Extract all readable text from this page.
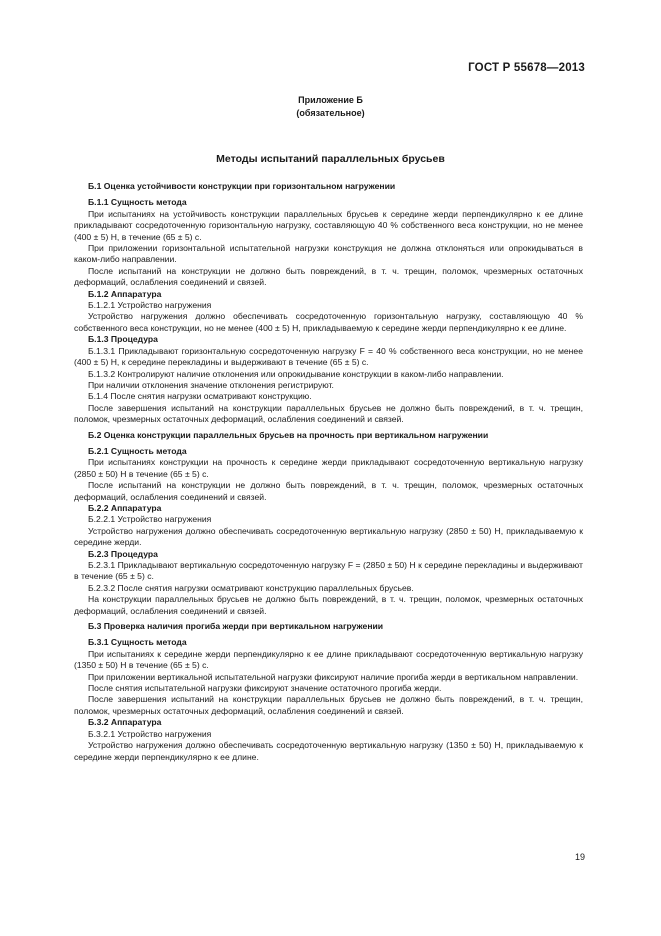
ГОСТ Р 55678—2013
Приложение Б
(обязательное)
Методы испытаний параллельных брусьев

Б.1 Оценка устойчивости конструкции при горизонтальном нагружении

Б.1.1 Сущность метода

При испытаниях на устойчивость конструкции параллельных брусьев к середине жерди перпендикулярно к ее длине прикладывают сосредоточенную горизонтальную нагрузку, составляющую 40 % собственного веса конструкции, но не менее (400 ± 5) Н, в течение (65 ± 5) с.

При приложении горизонтальной испытательной нагрузки конструкция не должна отклоняться или опрокидываться в каком-либо направлении.

После испытаний на конструкции не должно быть повреждений, в т. ч. трещин, поломок, чрезмерных остаточных деформаций, ослабления соединений и связей.

Б.1.2 Аппаратура

Б.1.2.1 Устройство нагружения

Устройство нагружения должно обеспечивать сосредоточенную горизонтальную нагрузку, составляющую 40 % собственного веса конструкции, но не менее (400 ± 5) Н, прикладываемую к середине жерди перпендикулярно к ее длине.

Б.1.3 Процедура

Б.1.3.1 Прикладывают горизонтальную сосредоточенную нагрузку F = 40 % собственного веса конструкции, но не менее (400 ± 5) Н, к середине перекладины и выдерживают в течение (65 ± 5) с.

Б.1.3.2 Контролируют наличие отклонения или опрокидывание конструкции в каком-либо направлении.

При наличии отклонения значение отклонения регистрируют.

Б.1.4 После снятия нагрузки осматривают конструкцию.

После завершения испытаний на конструкции параллельных брусьев не должно быть повреждений, в т. ч. трещин, поломок, чрезмерных остаточных деформаций, ослабления соединений и связей.

Б.2 Оценка конструкции параллельных брусьев на прочность при вертикальном нагружении

Б.2.1 Сущность метода

При испытаниях конструкции на прочность к середине жерди прикладывают сосредоточенную вертикальную нагрузку (2850 ± 50) Н в течение (65 ± 5) с.

После испытаний на конструкции не должно быть повреждений, в т. ч. трещин, поломок, чрезмерных остаточных деформаций, ослабления соединений и связей.

Б.2.2 Аппаратура

Б.2.2.1 Устройство нагружения

Устройство нагружения должно обеспечивать сосредоточенную вертикальную нагрузку (2850 ± 50) Н, прикладываемую к середине жерди.

Б.2.3 Процедура

Б.2.3.1 Прикладывают вертикальную сосредоточенную нагрузку F = (2850 ± 50) Н к середине перекладины и выдерживают в течение (65 ± 5) с.

Б.2.3.2 После снятия нагрузки осматривают конструкцию параллельных брусьев.

На конструкции параллельных брусьев не должно быть повреждений, в т. ч. трещин, поломок, чрезмерных остаточных деформаций, ослабления соединений и связей.

Б.3 Проверка наличия прогиба жерди при вертикальном нагружении

Б.3.1 Сущность метода

При испытаниях к середине жерди перпендикулярно к ее длине прикладывают сосредоточенную вертикальную нагрузку (1350 ± 50) Н в течение (65 ± 5) с.

При приложении вертикальной испытательной нагрузки фиксируют наличие прогиба жерди в вертикальном направлении.

После снятия испытательной нагрузки фиксируют значение остаточного прогиба жерди.

После завершения испытаний на конструкции параллельных брусьев не должно быть повреждений, в т. ч. трещин, поломок, чрезмерных остаточных деформаций, ослабления соединений и связей.

Б.3.2 Аппаратура

Б.3.2.1 Устройство нагружения

Устройство нагружения должно обеспечивать сосредоточенную вертикальную нагрузку (1350 ± 50) Н, прикладываемую к середине жерди перпендикулярно к ее длине.

19
